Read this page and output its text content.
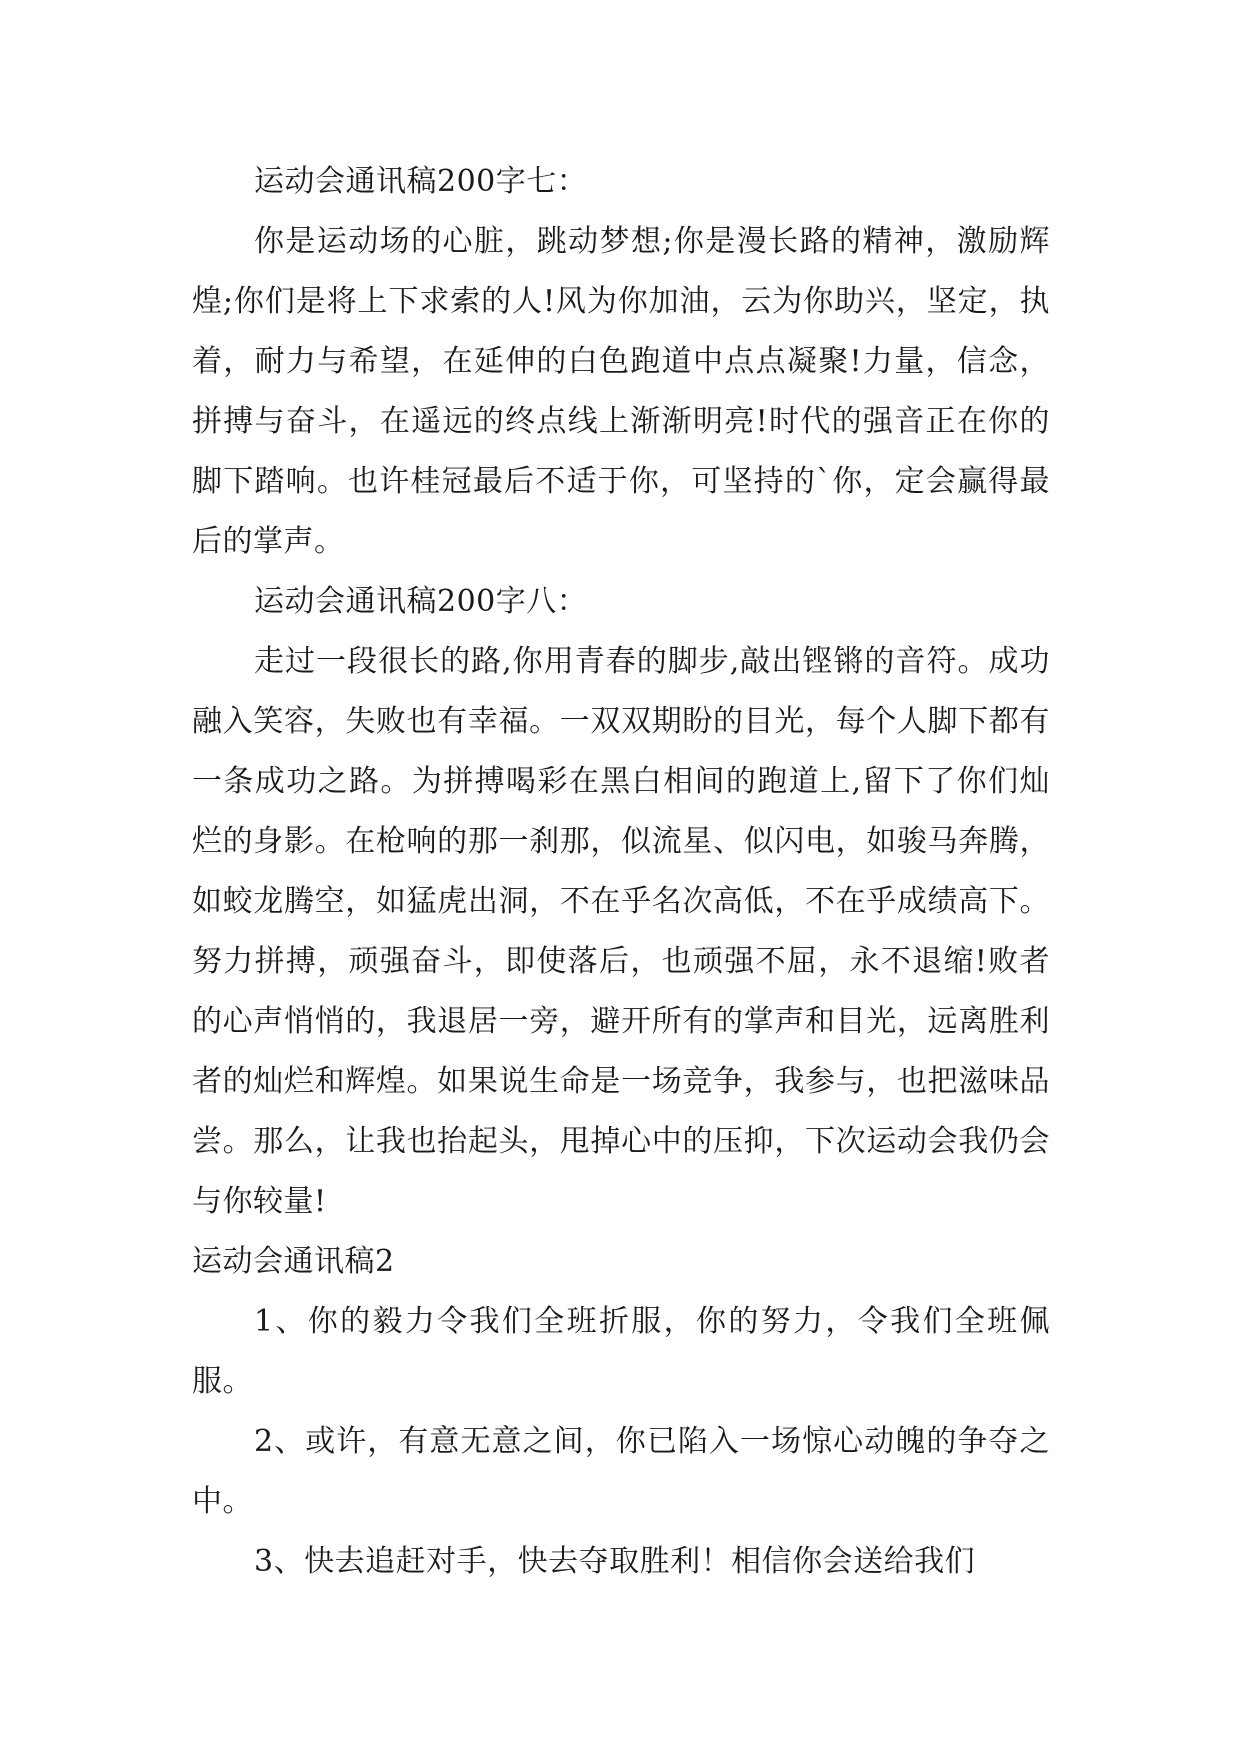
运动会通讯稿200字七：

你是运动场的心脏，跳动梦想;你是漫长路的精神，激励辉煌;你们是将上下求索的人!风为你加油，云为你助兴，坚定，执着，耐力与希望，在延伸的白色跑道中点点凝聚!力量，信念，拼搏与奋斗，在遥远的终点线上渐渐明亮!时代的强音正在你的脚下踏响。也许桂冠最后不适于你，可坚持的`你，定会赢得最后的掌声。

运动会通讯稿200字八：

走过一段很长的路,你用青春的脚步,敲出铿锵的音符。成功融入笑容，失败也有幸福。一双双期盼的目光，每个人脚下都有一条成功之路。为拼搏喝彩在黑白相间的跑道上,留下了你们灿烂的身影。在枪响的那一刹那，似流星、似闪电，如骏马奔腾，如蛟龙腾空，如猛虎出洞，不在乎名次高低，不在乎成绩高下。努力拼搏，顽强奋斗，即使落后，也顽强不屈，永不退缩!败者的心声悄悄的，我退居一旁，避开所有的掌声和目光，远离胜利者的灿烂和辉煌。如果说生命是一场竞争，我参与，也把滋味品尝。那么，让我也抬起头，甩掉心中的压抑，下次运动会我仍会与你较量!

运动会通讯稿2

1、你的毅力令我们全班折服，你的努力，令我们全班佩服。

2、或许，有意无意之间，你已陷入一场惊心动魄的争夺之中。

3、快去追赶对手，快去夺取胜利！相信你会送给我们
